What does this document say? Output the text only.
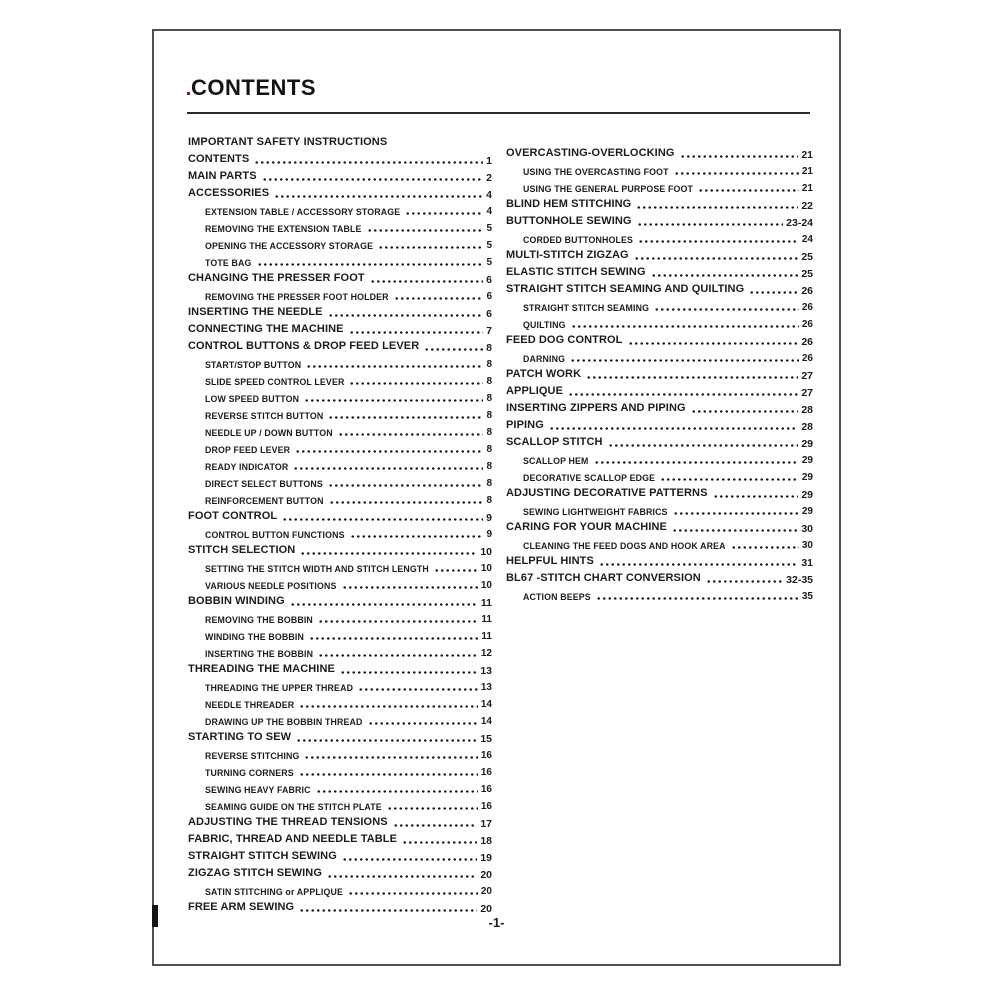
CONTENTS
IMPORTANT SAFETY INSTRUCTIONS
CONTENTS	1
MAIN PARTS	2
ACCESSORIES	4
EXTENSION TABLE / ACCESSORY STORAGE	4
REMOVING THE EXTENSION TABLE	5
OPENING THE ACCESSORY STORAGE	5
TOTE BAG	5
CHANGING THE PRESSER FOOT	6
REMOVING THE PRESSER FOOT HOLDER	6
INSERTING THE NEEDLE	6
CONNECTING THE MACHINE	7
CONTROL BUTTONS & DROP FEED LEVER	8
START/STOP BUTTON	8
SLIDE SPEED CONTROL LEVER	8
LOW SPEED BUTTON	8
REVERSE STITCH BUTTON	8
NEEDLE UP / DOWN BUTTON	8
DROP FEED LEVER	8
READY INDICATOR	8
DIRECT SELECT BUTTONS	8
REINFORCEMENT BUTTON	8
FOOT CONTROL	9
CONTROL BUTTON FUNCTIONS	9
STITCH SELECTION	10
SETTING THE STITCH WIDTH AND STITCH LENGTH	10
VARIOUS NEEDLE POSITIONS	10
BOBBIN WINDING	11
REMOVING THE BOBBIN	11
WINDING THE BOBBIN	11
INSERTING THE BOBBIN	12
THREADING THE MACHINE	13
THREADING THE UPPER THREAD	13
NEEDLE THREADER	14
DRAWING UP THE BOBBIN THREAD	14
STARTING TO SEW	15
REVERSE STITCHING	16
TURNING CORNERS	16
SEWING HEAVY FABRIC	16
SEAMING GUIDE ON THE STITCH PLATE	16
ADJUSTING THE THREAD TENSIONS	17
FABRIC, THREAD AND NEEDLE TABLE	18
STRAIGHT STITCH SEWING	19
ZIGZAG STITCH SEWING	20
SATIN STITCHING or APPLIQUE	20
FREE ARM SEWING	20
OVERCASTING-OVERLOCKING	21
USING THE OVERCASTING FOOT	21
USING THE GENERAL PURPOSE FOOT	21
BLIND HEM STITCHING	22
BUTTONHOLE SEWING	23-24
CORDED BUTTONHOLES	24
MULTI-STITCH ZIGZAG	25
ELASTIC STITCH SEWING	25
STRAIGHT STITCH SEAMING AND QUILTING	26
STRAIGHT STITCH SEAMING	26
QUILTING	26
FEED DOG CONTROL	26
DARNING	26
PATCH WORK	27
APPLIQUE	27
INSERTING ZIPPERS AND PIPING	28
PIPING	28
SCALLOP STITCH	29
SCALLOP HEM	29
DECORATIVE SCALLOP EDGE	29
ADJUSTING DECORATIVE PATTERNS	29
SEWING LIGHTWEIGHT FABRICS	29
CARING FOR YOUR MACHINE	30
CLEANING THE FEED DOGS AND HOOK AREA	30
HELPFUL HINTS	31
BL67 -STITCH CHART CONVERSION	32-35
ACTION BEEPS	35
-1-
